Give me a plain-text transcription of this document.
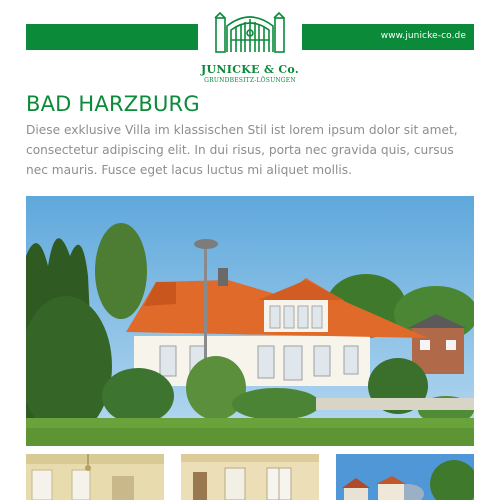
www.junicke-co.de
JUNICKE & Co.
GRUNDBESITZ-LÖSUNGEN
BAD HARZBURG

Diese exklusive Villa im klassischen Stil ist lorem ipsum dolor sit amet, consectetur adipiscing elit. In dui risus, porta nec gravida quis, cursus nec mauris. Fusce eget lacus luctus mi aliquet mollis.
